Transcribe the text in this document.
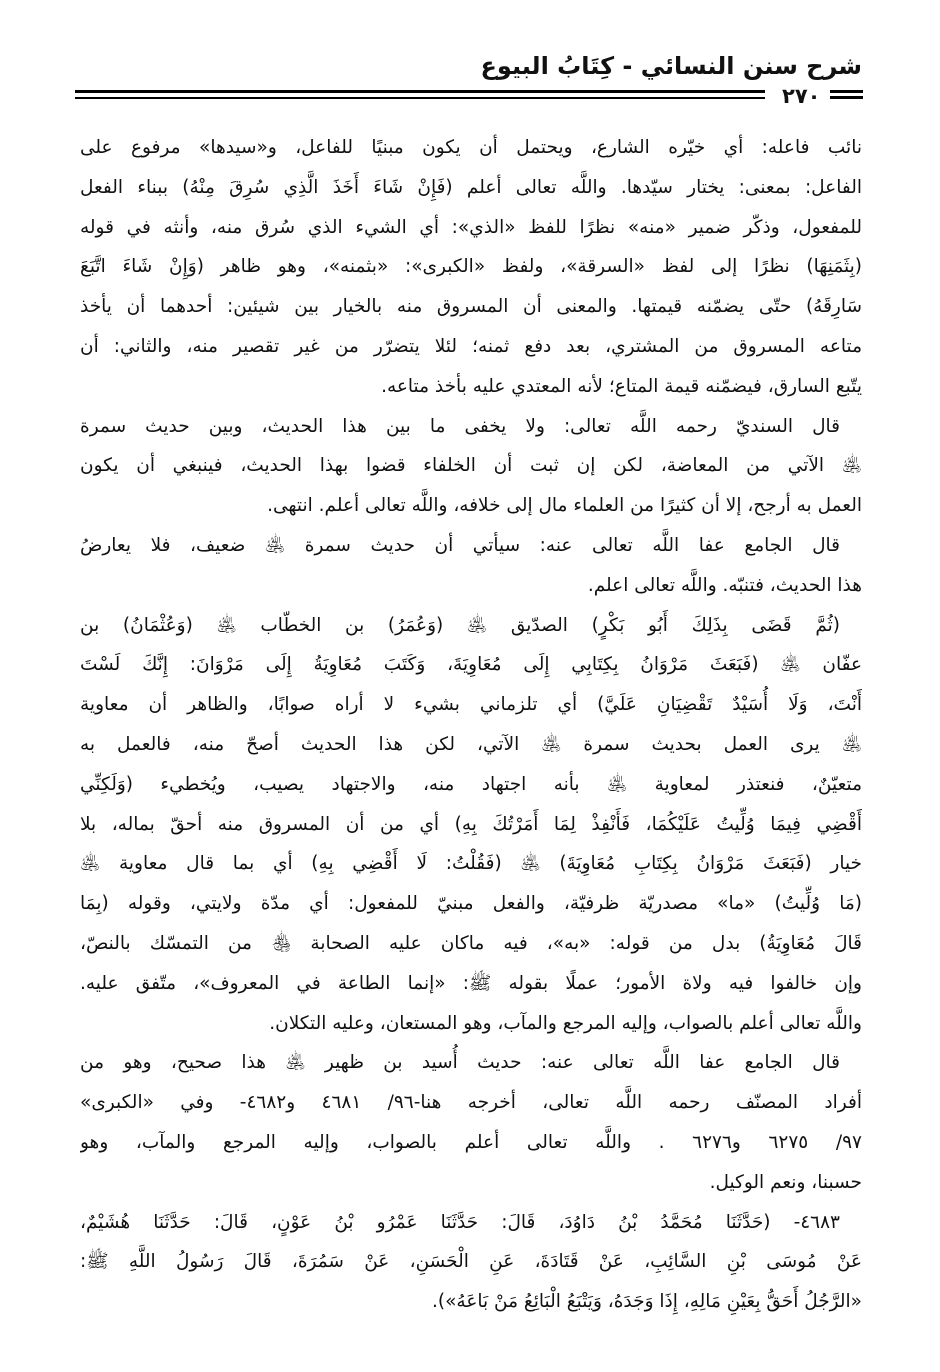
شرح سنن النسائي - كِتَابُ البيوع
٢٧٠
نائب فاعله: أي خيّره الشارع، ويحتمل أن يكون مبنيًا للفاعل، و«سيدها» مرفوع على
الفاعل: بمعنى: يختار سيّدها. واللَّه تعالى أعلم (فَإِنْ شَاءَ أَخَذَ الَّذِي سُرِقَ مِنْهُ) ببناء الفعل
للمفعول، وذكّر ضمير «منه» نظرًا للفظ «الذي»: أي الشيء الذي سُرق منه، وأنثه في قوله
(بِثَمَنِهَا) نظرًا إلى لفظ «السرقة»، ولفظ «الكبرى»: «بثمنه»، وهو ظاهر (وَإِنْ شَاءَ اتَّبَعَ
سَارِقَهُ) حتّى يضمّنه قيمتها. والمعنى أن المسروق منه بالخيار بين شيئين: أحدهما أن يأخذ
متاعه المسروق من المشتري، بعد دفع ثمنه؛ لئلا يتضرّر من غير تقصير منه، والثاني: أن
يتّبع السارق، فيضمّنه قيمة المتاع؛ لأنه المعتدي عليه بأخذ متاعه.
قال السنديّ رحمه اللَّه تعالى: ولا يخفى ما بين هذا الحديث، وبين حديث سمرة
﵁ الآتي من المعاضة، لكن إن ثبت أن الخلفاء قضوا بهذا الحديث، فينبغي أن يكون
العمل به أرجح، إلا أن كثيرًا من العلماء مال إلى خلافه، واللَّه تعالى أعلم. انتهى.
قال الجامع عفا اللَّه تعالى عنه: سيأتي أن حديث سمرة ﵁ ضعيف، فلا يعارضُ
هذا الحديث، فتنبّه. واللَّه تعالى اعلم.
(ثُمَّ قَضَى بِذَلِكَ أَبُو بَكْرٍ) الصدّيق ﵁ (وَعُمَرُ) بن الخطّاب ﵁ (وَعُثْمَانُ) بن
عفّان ﵁ (فَبَعَثَ مَرْوَانُ بِكِتَابِي إِلَى مُعَاوِيَةَ، وَكَتَبَ مُعَاوِيَةُ إِلَى مَرْوَانَ: إِنَّكَ لَسْتَ
أَنْتَ، وَلَا أُسَيْدٌ تَقْضِيَانِ عَلَيَّ) أي تلزماني بشيء لا أراه صوابًا، والظاهر أن معاوية
﵁ يرى العمل بحديث سمرة ﵁ الآتي، لكن هذا الحديث أصحّ منه، فالعمل به
متعيّنٌ، فنعتذر لمعاوية ﵁ بأنه اجتهاد منه، والاجتهاد يصيب، ويُخطيء (وَلَكِنِّي
أَقْضِي فِيمَا وُلِّيتُ عَلَيْكُمَا، فَأَنْفِذْ لِمَا أَمَرْتُكَ بِهِ) أي من أن المسروق منه أحقّ بماله، بلا
خيار (فَبَعَثَ مَرْوَانُ بِكِتَابِ مُعَاوِيَةَ) ﵁ (فَقُلْتُ: لَا أَقْضِي بِهِ) أي بما قال معاوية ﵁
(مَا وُلِّيتُ) «ما» مصدريّة ظرفيّة، والفعل مبنيّ للمفعول: أي مدّة ولايتي، وقوله (بِمَا
قَالَ مُعَاوِيَةُ) بدل من قوله: «به»، فيه ماكان عليه الصحابة ﵃ من التمسّك بالنصّ،
وإن خالفوا فيه ولاة الأمور؛ عملًا بقوله ﷺ: «إنما الطاعة في المعروف»، متّفق عليه.
واللَّه تعالى أعلم بالصواب، وإليه المرجع والمآب، وهو المستعان، وعليه التكلان.
قال الجامع عفا اللَّه تعالى عنه: حديث أُسيد بن ظهير ﵁ هذا صحيح، وهو من
أفراد المصنّف رحمه اللَّه تعالى، أخرجه هنا-٩٦/ ٤٦٨١ و٤٦٨٢- وفي «الكبرى»
٩٧/ ٦٢٧٥ و٦٢٧٦ . واللَّه تعالى أعلم بالصواب، وإليه المرجع والمآب، وهو
حسبنا، ونعم الوكيل.
٤٦٨٣- (حَدَّثَنَا مُحَمَّدُ بْنُ دَاوُدَ، قَالَ: حَدَّثَنَا عَمْرُو بْنُ عَوْنٍ، قَالَ: حَدَّثَنَا هُشَيْمٌ،
عَنْ مُوسَى بْنِ السَّائِبِ، عَنْ قَتَادَةَ، عَنِ الْحَسَنِ، عَنْ سَمُرَةَ، قَالَ رَسُولُ اللَّهِ ﷺ:
«الرَّجُلُ أَحَقُّ بِعَيْنِ مَالِهِ، إِذَا وَجَدَهُ، وَيَتْبَعُ الْبَائِعُ مَنْ بَاعَهُ»).
